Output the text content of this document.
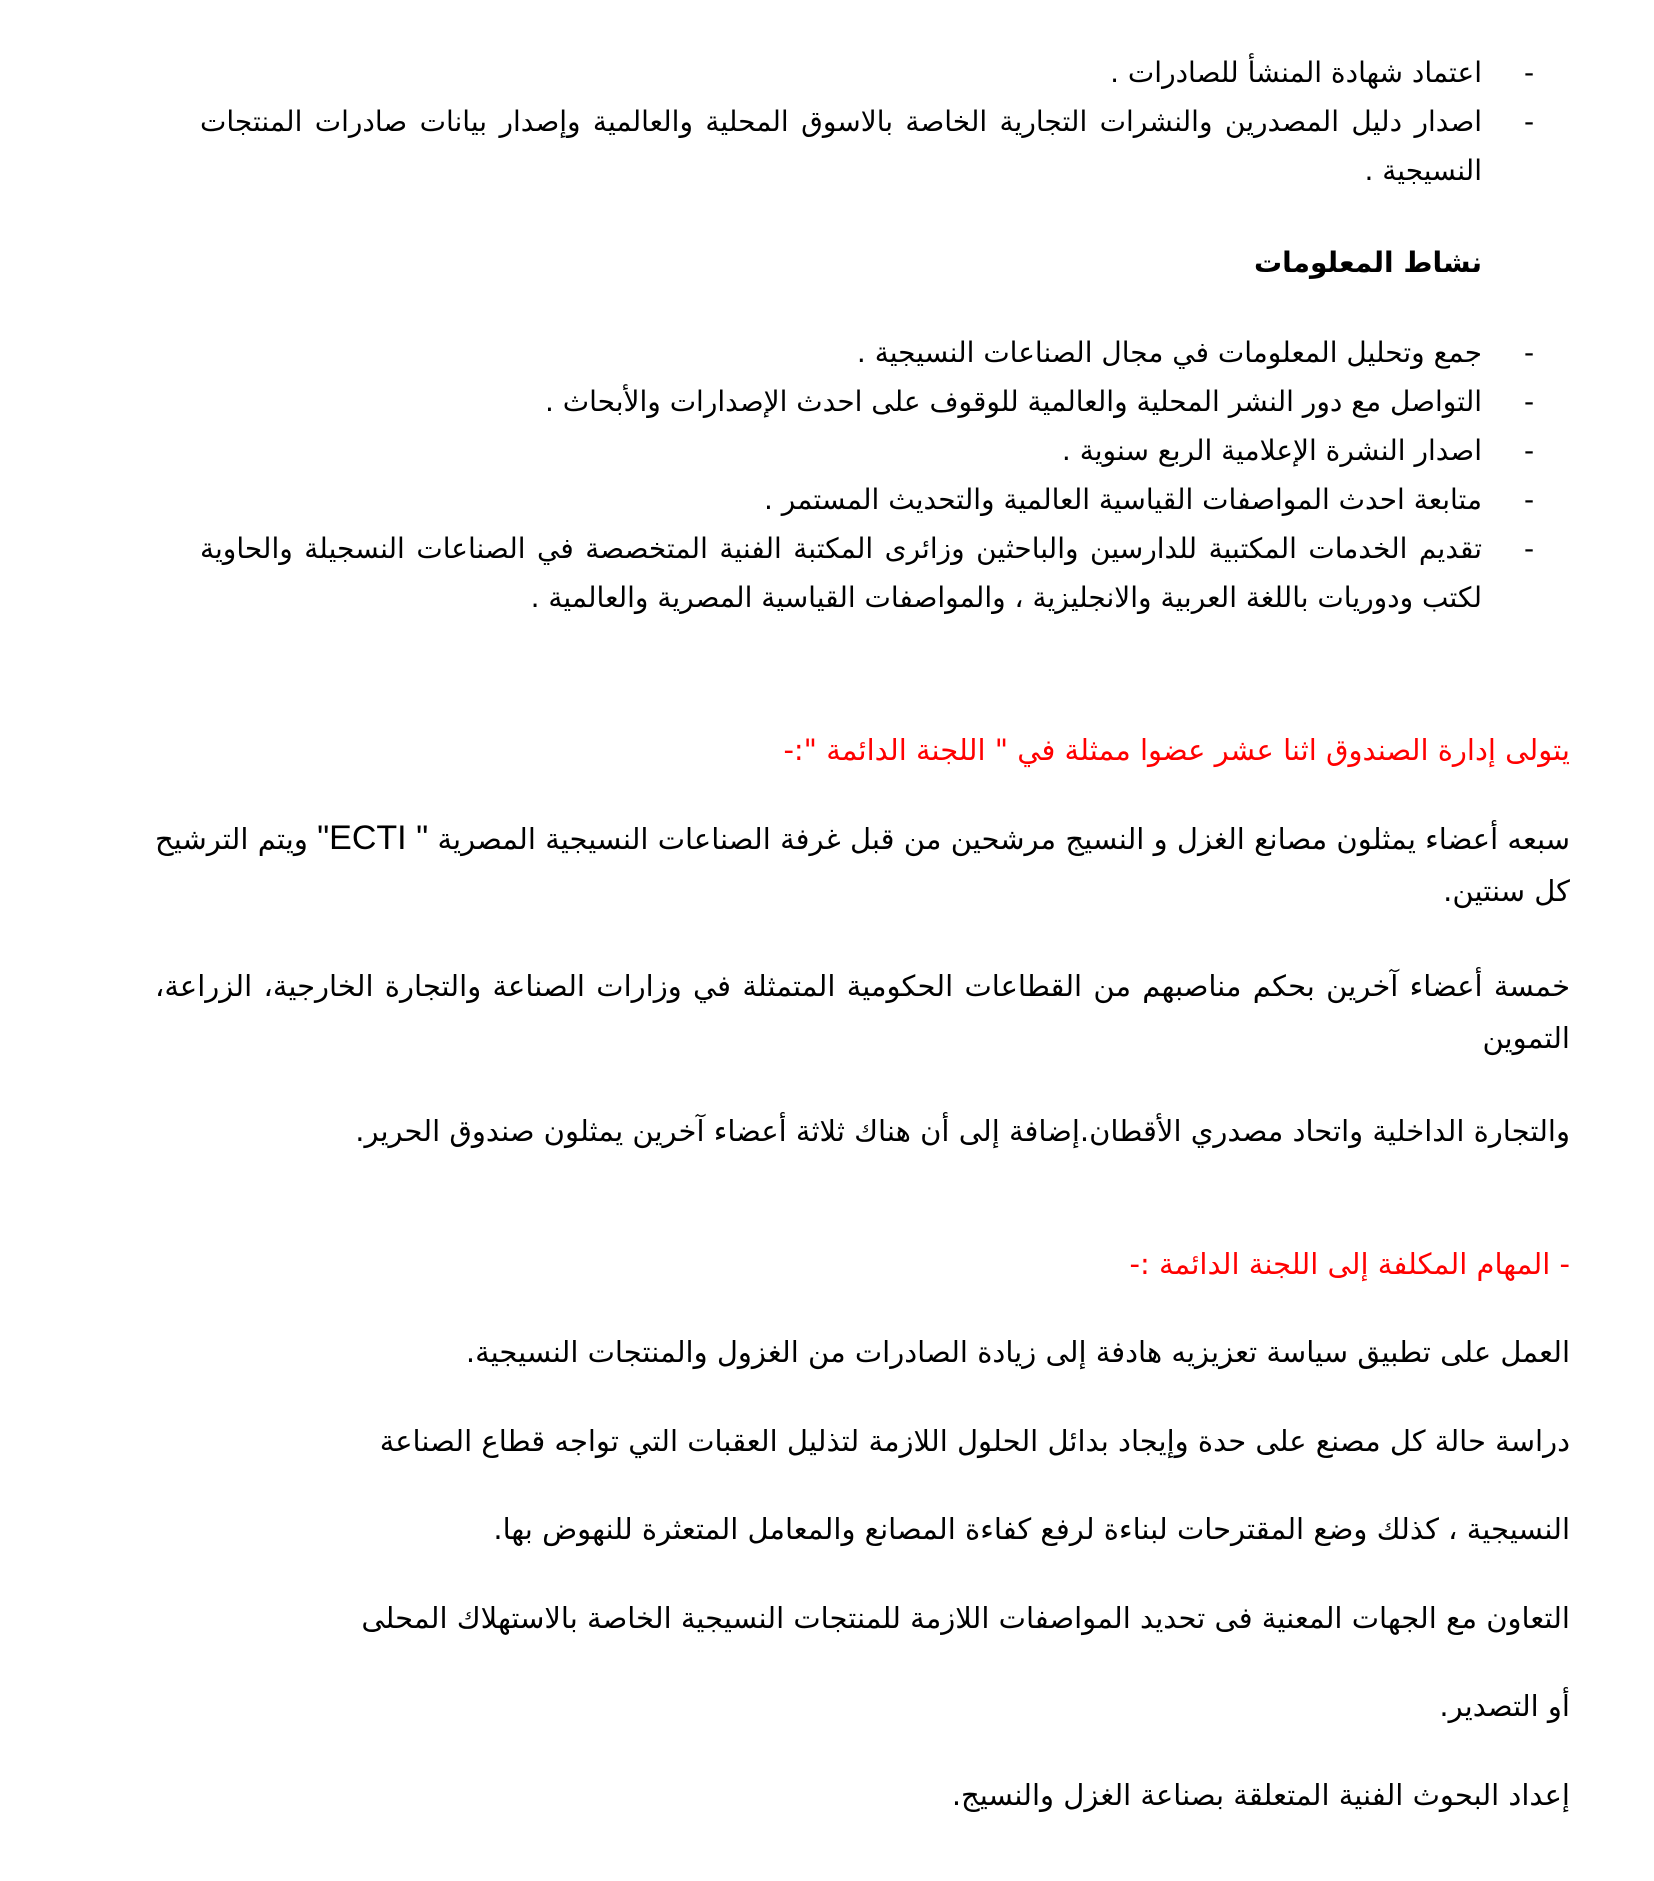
-
اعتماد شهادة المنشأ للصادرات .
-
اصدار دليل المصدرين والنشرات التجارية الخاصة بالاسوق المحلية والعالمية وإصدار بيانات صادرات المنتجات النسيجية .
نشاط المعلومات
-
جمع وتحليل المعلومات في مجال الصناعات النسيجية .
-
التواصل مع دور النشر المحلية والعالمية للوقوف على احدث الإصدارات والأبحاث .
-
اصدار النشرة الإعلامية الربع سنوية .
-
متابعة احدث المواصفات القياسية العالمية والتحديث المستمر .
-
تقديم الخدمات المكتبية للدارسين والباحثين وزائرى المكتبة الفنية المتخصصة في الصناعات النسجيلة والحاوية لكتب ودوريات باللغة العربية والانجليزية ، والمواصفات القياسية المصرية والعالمية .
يتولى إدارة الصندوق اثنا عشر عضوا ممثلة في " اللجنة الدائمة ":-
سبعه أعضاء يمثلون مصانع الغزل و النسيج مرشحين من قبل غرفة الصناعات النسيجية المصرية "ECTI " ويتم الترشيح كل سنتين.
خمسة أعضاء آخرين بحكم مناصبهم من القطاعات الحكومية المتمثلة في وزارات الصناعة والتجارة الخارجية، الزراعة، التموين
والتجارة الداخلية واتحاد مصدري الأقطان.إضافة إلى أن هناك ثلاثة أعضاء آخرين يمثلون صندوق الحرير.
- المهام المكلفة إلى اللجنة الدائمة :-
العمل على تطبيق سياسة تعزيزيه هادفة إلى زيادة الصادرات من الغزول والمنتجات النسيجية.
دراسة حالة كل مصنع على حدة وإيجاد بدائل الحلول اللازمة لتذليل العقبات التي تواجه قطاع الصناعة
النسيجية ، كذلك وضع المقترحات لبناءة لرفع كفاءة المصانع والمعامل المتعثرة للنهوض بها.
التعاون مع الجهات المعنية فى تحديد المواصفات اللازمة للمنتجات النسيجية الخاصة بالاستهلاك المحلى
أو التصدير.
إعداد البحوث الفنية المتعلقة بصناعة الغزل والنسيج.
